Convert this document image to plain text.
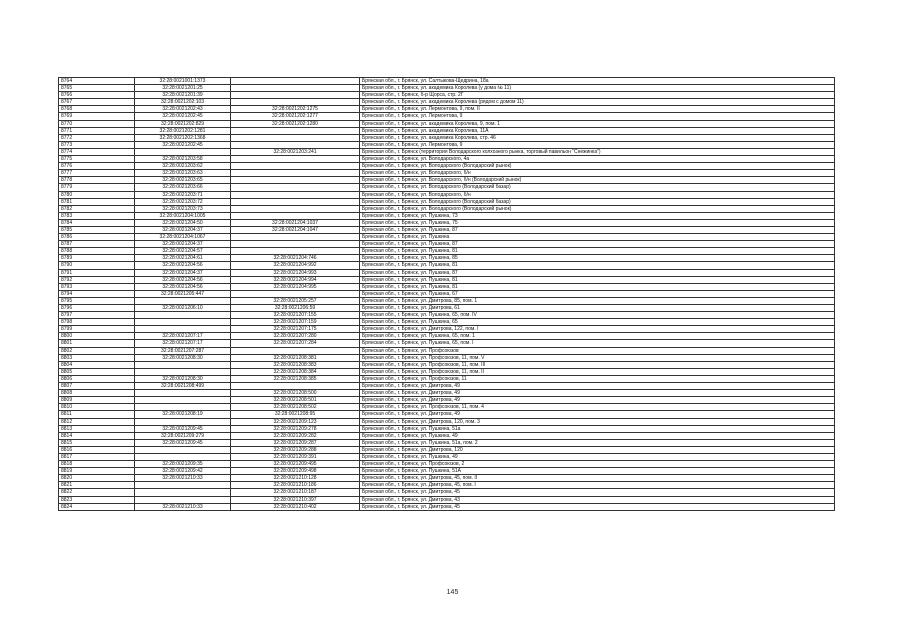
8764	32:28:0021001:1373		Брянская обл., г. Брянск, ул. Салтыкова-Щедрина, 18а
8765	32:28:0021201:25		Брянская обл., г. Брянск, ул. академика Королева (у дома № 11)
8766	32:28:0021201:39		Брянская обл., г. Брянск, б-р Щорса, стр. 2Г
8767	32:28:0021202:103		Брянская обл., г. Брянск, ул. академика Королева (рядом с домом 11)
8768	32:28:0021202:43	32:28:0021202:1275	Брянская обл., г. Брянск, ул. Лермонтова, 9, пом. II
8769	32:28:0021202:45	32:28:0021202:1277	Брянская обл., г. Брянск, ул. Лермонтова, 9
8770	32:28:0021202:829	32:28:0021202:1280	Брянская обл., г. Брянск, ул. академика Королева, 9, пом. 1
8771	32:28:0021202:1281		Брянская обл., г. Брянск, ул. академика Королева, 11А
8772	32:28:0021202:1368		Брянская обл., г. Брянск, ул. академика Королева, стр. 46
8773	32:28:0021202:45		Брянская обл., г. Брянск, ул. Лермонтова, 9
8774		32:28:0021203:241	Брянская обл., г. Брянск (территория Володарского колхозного рынка, торговый павильон "Снежинка")
8775	32:28:0021203:58		Брянская обл., г. Брянск, ул. Володарского, 4а
8776	32:28:0021203:62		Брянская обл., г. Брянск, ул. Володарского (Володарский рынок)
8777	32:28:0021203:63		Брянская обл., г. Брянск, ул. Володарского, б/н
8778	32:28:0021203:65		Брянская обл., г. Брянск, ул. Володарского, б/н (Володарский рынок)
8779	32:28:0021203:66		Брянская обл., г. Брянск, ул. Володарского (Володарский базар)
8780	32:28:0021203:71		Брянская обл., г. Брянск, ул. Володарского, б/н
8781	32:28:0021203:72		Брянская обл., г. Брянск, ул. Володарского (Володарский базар)
8782	32:28:0021203:73		Брянская обл., г. Брянск, ул. Володарского (Володарский рынок)
8783	32:28:0021204:1005		Брянская обл., г. Брянск, ул. Пушкина, 73
8784	32:28:0021204:50	32:28:0021204:1037	Брянская обл., г. Брянск, ул. Пушкина, 75
8785	32:28:0021204:37	32:28:0021204:1047	Брянская обл., г. Брянск, ул. Пушкина, 87
8786	32:28:0021204:1067		Брянская обл., г. Брянск, ул. Пушкина
8787	32:28:0021204:37		Брянская обл., г. Брянск, ул. Пушкина, 87
8788	32:28:0021204:57		Брянская обл., г. Брянск, ул. Пушкина, 81
8789	32:28:0021204:61	32:28:0021204:746	Брянская обл., г. Брянск, ул. Пушкина, 85
8790	32:28:0021204:56	32:28:0021204:992	Брянская обл., г. Брянск, ул. Пушкина, 81
8791	32:28:0021204:37	32:28:0021204:993	Брянская обл., г. Брянск, ул. Пушкина, 87
8792	32:28:0021204:56	32:28:0021204:994	Брянская обл., г. Брянск, ул. Пушкина, 81
8793	32:28:0021204:56	32:28:0021204:995	Брянская обл., г. Брянск, ул. Пушкина, 81
8794	32:28:0021205:447		Брянская обл., г. Брянск, ул. Пушкина, 67
8795		32:28:0021205:257	Брянская обл., г. Брянск, ул. Дмитрова, 85, пом. 1
8796	32:28:0021206:10	32:28:0021206:59	Брянская обл., г. Брянск, ул. Дмитрова, 61
8797		32:28:0021207:155	Брянская обл., г. Брянск, ул. Пушкина, 65, пом. IV
8798		32:28:0021207:159	Брянская обл., г. Брянск, ул. Пушкина, 65
8799		32:28:0021207:175	Брянская обл., г. Брянск, ул. Дмитрова, 122, пом. I
8800	32:28:0021207:17	32:28:0021207:280	Брянская обл., г. Брянск, ул. Пушкина, 65, пом. 1
8801	32:28:0021207:17	32:28:0021207:284	Брянская обл., г. Брянск, ул. Пушкина, 65, пом. I
8802	32:28:0021207:287		Брянская обл., г. Брянск, ул. Профсоюзов
8803	32:28:0021208:30	32:28:0021208:381	Брянская обл., г. Брянск, ул. Профсоюзов, 11, пом. V
8804		32:28:0021208:383	Брянская обл., г. Брянск, ул. Профсоюзов, 11, пом. III
8805		32:28:0021208:384	Брянская обл., г. Брянск, ул. Профсоюзов, 11, пом. II
8806	32:28:0021208:30	32:28:0021208:385	Брянская обл., г. Брянск, ул. Профсоюзов, 11
8807	32:28:0021208:499		Брянская обл., г. Брянск, ул. Дмитрова, 49
8808		32:28:0021208:500	Брянская обл., г. Брянск, ул. Дмитрова, 49
8809		32:28:0021208:501	Брянская обл., г. Брянск, ул. Дмитрова, 49
8810		32:28:0021208:502	Брянская обл., г. Брянск, ул. Профсоюзов, 11, пом. 4
8811	32:28:0021208:19	32:28:0021208:95	Брянская обл., г. Брянск, ул. Дмитрова, 49
8812		32:28:0021209:123	Брянская обл., г. Брянск, ул. Дмитрова, 120, пом. 3
8813	32:28:0021209:45	32:28:0021209:278	Брянская обл., г. Брянск, ул. Пушкина, 51а
8814	32:28:0021209:279	32:28:0021209:282	Брянская обл., г. Брянск, ул. Пушкина, 49
8815	32:28:0021209:45	32:28:0021209:287	Брянская обл., г. Брянск, ул. Пушкина, 51а, пом. 2
8816		32:28:0021209:288	Брянская обл., г. Брянск, ул. Дмитрова, 120
8817		32:28:0021209:391	Брянская обл., г. Брянск, ул. Пушкина, 49
8818	32:28:0021209:35	32:28:0021209:495	Брянская обл., г. Брянск, ул. Профсоюзов, 2
8819	32:28:0021209:42	32:28:0021209:498	Брянская обл., г. Брянск, ул. Пушкина, 51А
8820	32:28:0021210:33	32:28:0021210:128	Брянская обл., г. Брянск, ул. Дмитрова, 45, пом. II
8821		32:28:0021210:186	Брянская обл., г. Брянск, ул. Дмитрова, 45, пом. I
8822		32:28:0021210:187	Брянская обл., г. Брянск, ул. Дмитрова, 45
8823		32:28:0021210:397	Брянская обл., г. Брянск, ул. Дмитрова, 43
8824	32:28:0021210:33	32:28:0021210:402	Брянская обл., г. Брянск, ул. Дмитрова, 45
145
